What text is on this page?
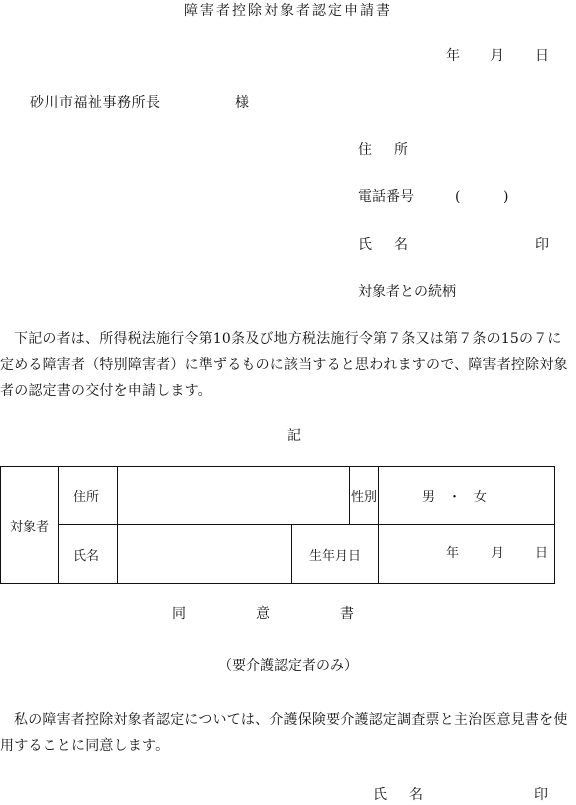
障害者控除対象者認定申請書
年 月 日
砂川市福祉事務所長	様
住　所
電話番号	(	)
氏　名	印
対象者との続柄
下記の者は、所得税法施行令第10条及び地方税法施行令第７条又は第７条の15の７に定める障害者（特別障害者）に準ずるものに該当すると思われますので、障害者控除対象者の認定書の交付を申請します。
記
対象者	住所			性別	男　・　女
	氏名		生年月日		年 月 日
同　　　　　意　　　　　書
（要介護認定者のみ）
私の障害者控除対象者認定については、介護保険要介護認定調査票と主治医意見書を使用することに同意します。
氏　名	印
